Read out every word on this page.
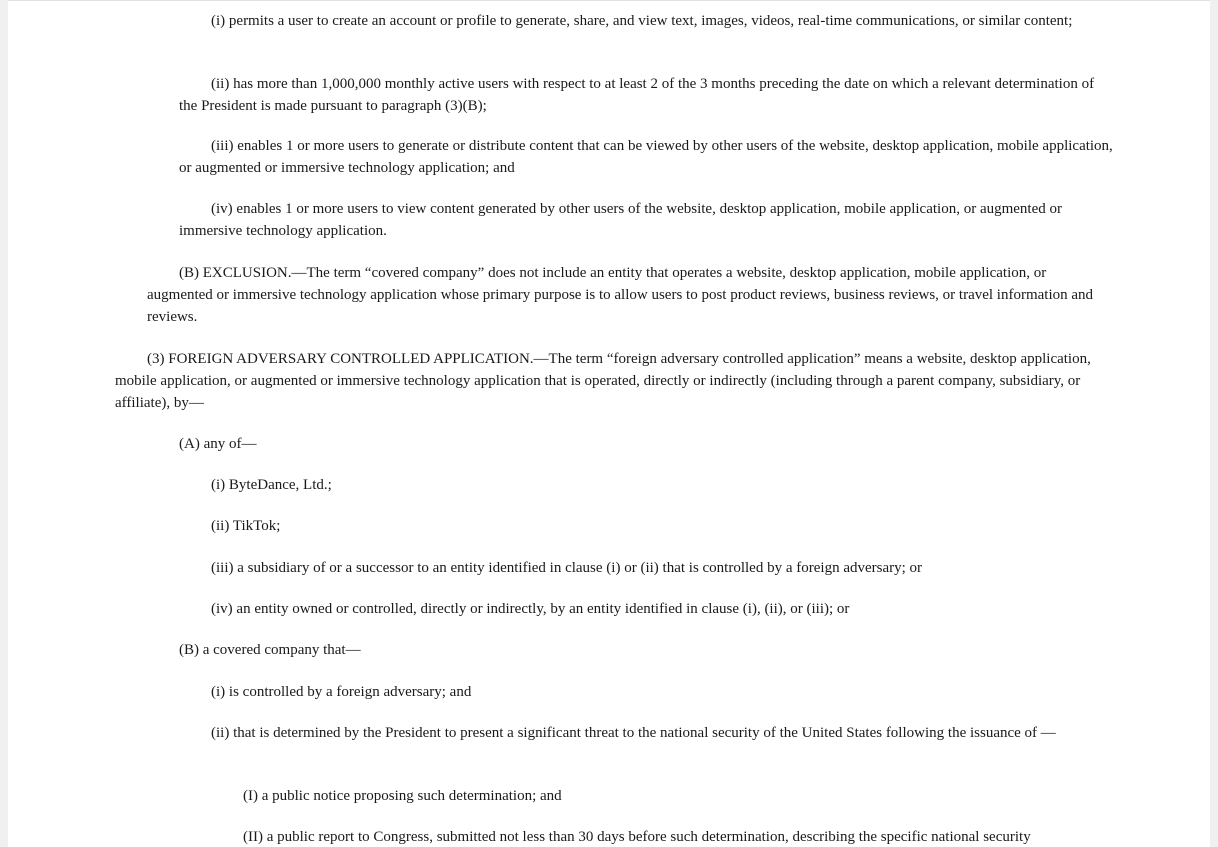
(i) permits a user to create an account or profile to generate, share, and view text, images, videos, real-time communications, or similar content;

(ii) has more than 1,000,000 monthly active users with respect to at least 2 of the 3 months preceding the date on which a relevant determination of the President is made pursuant to paragraph (3)(B);

(iii) enables 1 or more users to generate or distribute content that can be viewed by other users of the website, desktop application, mobile application, or augmented or immersive technology application; and

(iv) enables 1 or more users to view content generated by other users of the website, desktop application, mobile application, or augmented or immersive technology application.

(B) EXCLUSION.—The term “covered company” does not include an entity that operates a website, desktop application, mobile application, or augmented or immersive technology application whose primary purpose is to allow users to post product reviews, business reviews, or travel information and reviews.

(3) FOREIGN ADVERSARY CONTROLLED APPLICATION.—The term “foreign adversary controlled application” means a website, desktop application, mobile application, or augmented or immersive technology application that is operated, directly or indirectly (including through a parent company, subsidiary, or affiliate), by—

(A) any of—

(i) ByteDance, Ltd.;

(ii) TikTok;

(iii) a subsidiary of or a successor to an entity identified in clause (i) or (ii) that is controlled by a foreign adversary; or

(iv) an entity owned or controlled, directly or indirectly, by an entity identified in clause (i), (ii), or (iii); or

(B) a covered company that—

(i) is controlled by a foreign adversary; and

(ii) that is determined by the President to present a significant threat to the national security of the United States following the issuance of —

(I) a public notice proposing such determination; and

(II) a public report to Congress, submitted not less than 30 days before such determination, describing the specific national security
